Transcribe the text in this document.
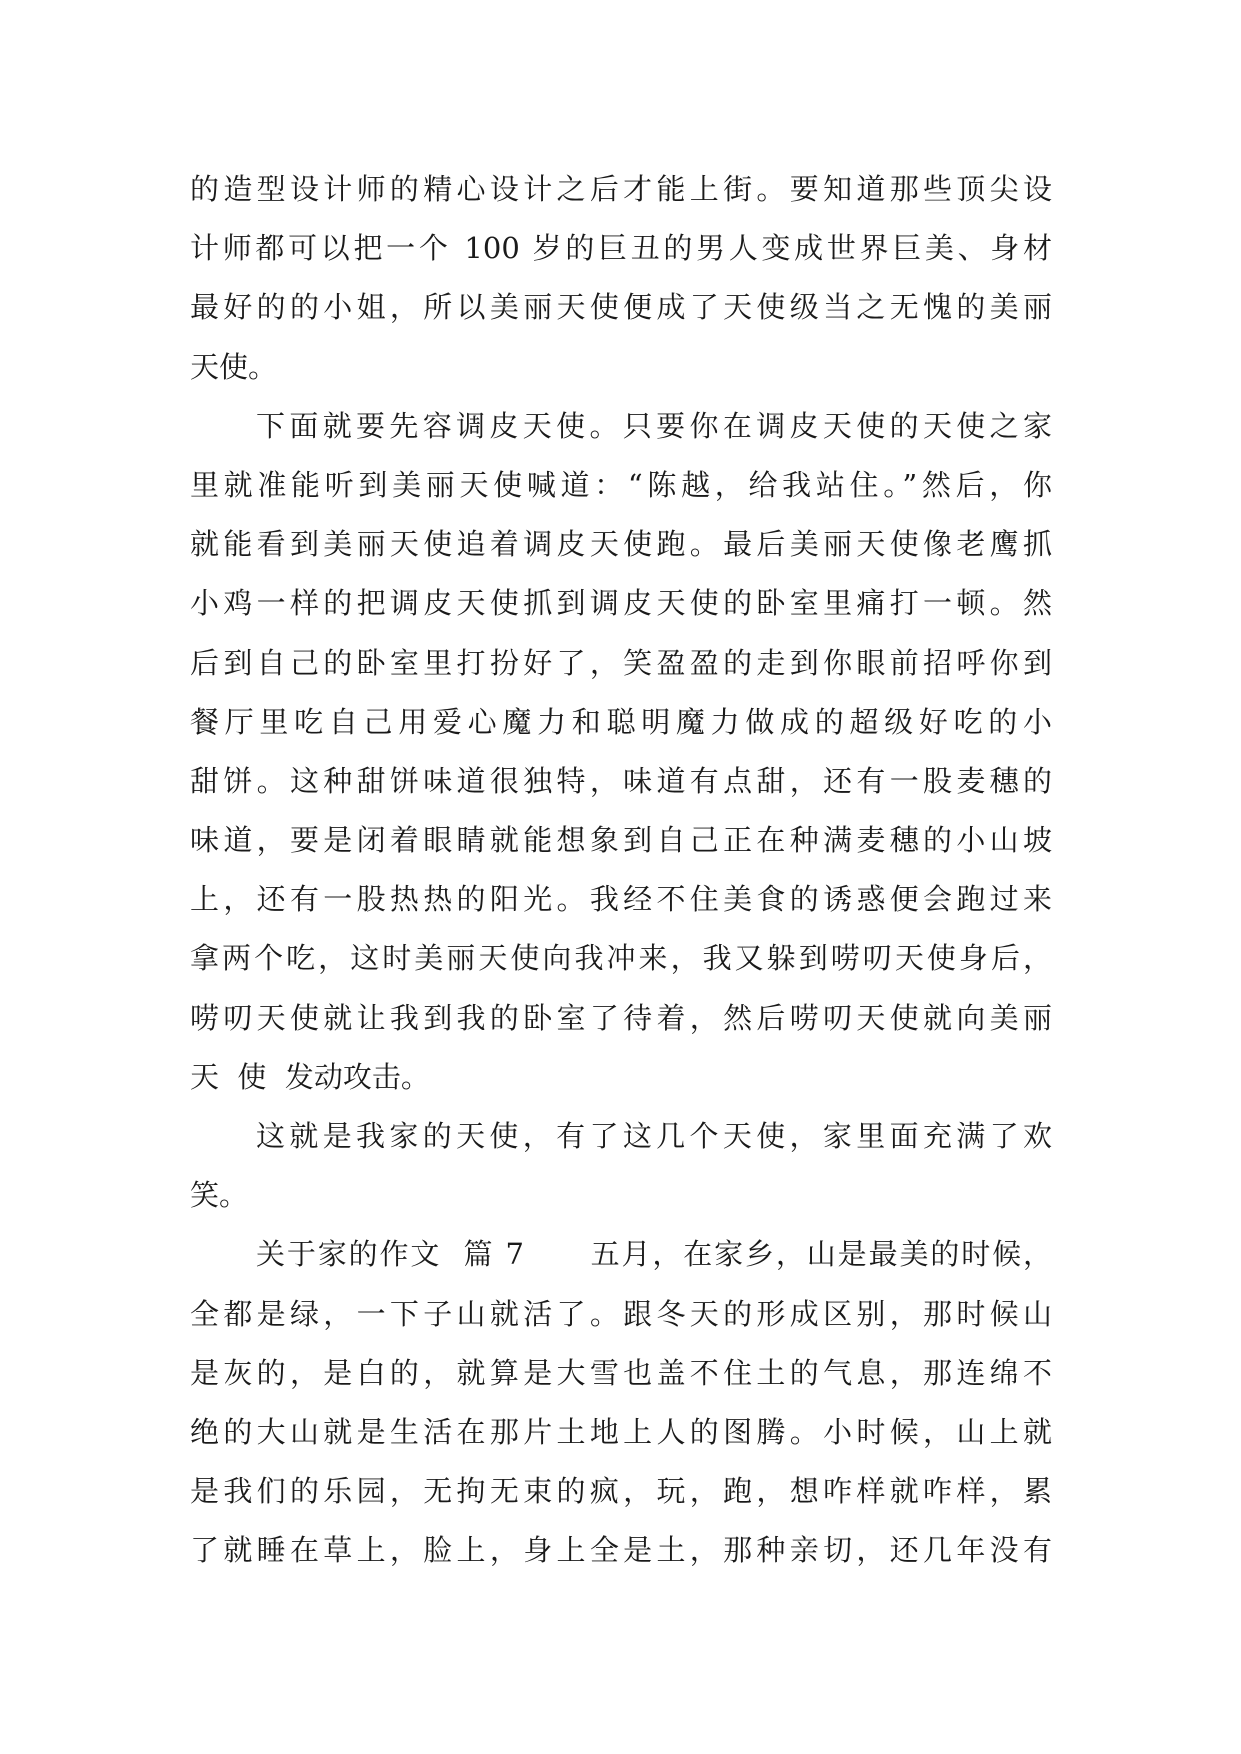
的造型设计师的精心设计之后才能上街。要知道那些顶尖设
计师都可以把一个 100 岁的巨丑的男人变成世界巨美、身材
最好的的小姐，所以美丽天使便成了天使级当之无愧的美丽
天使。
下面就要先容调皮天使。只要你在调皮天使的天使之家
里就准能听到美丽天使喊道：“陈越，给我站住。”然后，你
就能看到美丽天使追着调皮天使跑。最后美丽天使像老鹰抓
小鸡一样的把调皮天使抓到调皮天使的卧室里痛打一顿。然
后到自己的卧室里打扮好了，笑盈盈的走到你眼前招呼你到
餐厅里吃自己用爱心魔力和聪明魔力做成的超级好吃的小
甜饼。这种甜饼味道很独特，味道有点甜，还有一股麦穗的
味道，要是闭着眼睛就能想象到自己正在种满麦穗的小山坡
上，还有一股热热的阳光。我经不住美食的诱惑便会跑过来
拿两个吃，这时美丽天使向我冲来，我又躲到唠叨天使身后，
唠叨天使就让我到我的卧室了待着，然后唠叨天使就向美丽
天  使  发动攻击。
这就是我家的天使，有了这几个天使，家里面充满了欢
笑。
关于家的作文  篇 7      五月，在家乡，山是最美的时候，
全都是绿，一下子山就活了。跟冬天的形成区别，那时候山
是灰的，是白的，就算是大雪也盖不住土的气息，那连绵不
绝的大山就是生活在那片土地上人的图腾。小时候，山上就
是我们的乐园，无拘无束的疯，玩，跑，想咋样就咋样，累
了就睡在草上，脸上，身上全是土，那种亲切，还几年没有
